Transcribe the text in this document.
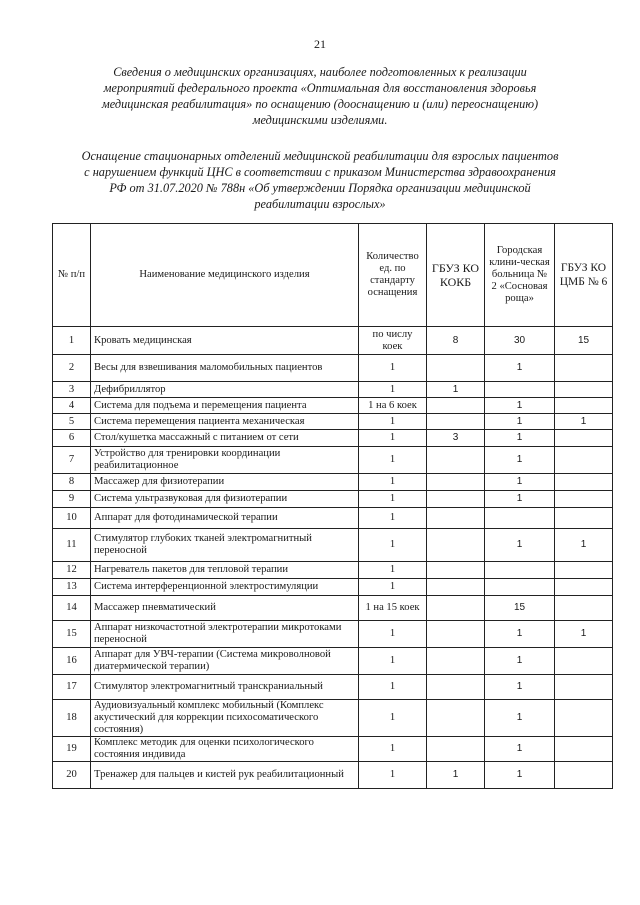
21
Сведения о медицинских организациях, наиболее подготовленных к реализации
мероприятий федерального проекта «Оптимальная для восстановления здоровья
медицинская реабилитация» по оснащению (дооснащению и (или) переоснащению)
медицинскими изделиями.
Оснащение стационарных отделений медицинской реабилитации для взрослых пациентов
с нарушением функций ЦНС в соответствии с приказом Министерства здравоохранения
РФ от 31.07.2020 № 788н «Об утверждении Порядка организации медицинской
реабилитации взрослых»
№ п/п	Наименование медицинского изделия	Количество ед. по стандарту оснащения	ГБУЗ КО КОКБ	Городская клини-ческая больница № 2 «Сосновая роща»	ГБУЗ КО ЦМБ № 6
1	Кровать медицинская	по числу коек	8	30	15
2	Весы для взвешивания маломобильных пациентов	1		1	
3	Дефибриллятор	1	1		
4	Система для подъема и перемещения пациента	1 на 6 коек		1	
5	Система перемещения пациента механическая	1		1	1
6	Стол/кушетка массажный с питанием от сети	1	3	1	
7	Устройство для тренировки координации реабилитационное	1		1	
8	Массажер для физиотерапии	1		1	
9	Система ультразвуковая для физиотерапии	1		1	
10	Аппарат для фотодинамической терапии	1			
11	Стимулятор глубоких тканей электромагнитный переносной	1		1	1
12	Нагреватель пакетов для тепловой терапии	1			
13	Система интерференционной электростимуляции	1			
14	Массажер пневматический	1 на 15 коек		15	
15	Аппарат низкочастотной электротерапии микротоками переносной	1		1	1
16	Аппарат для УВЧ-терапии (Система микроволновой диатермической терапии)	1		1	
17	Стимулятор электромагнитный транскраниальный	1		1	
18	Аудиовизуальный комплекс мобильный (Комплекс акустический для коррекции психосоматического состояния)	1		1	
19	Комплекс методик для оценки психологического состояния индивида	1		1	
20	Тренажер для пальцев и кистей рук реабилитационный	1	1	1	
